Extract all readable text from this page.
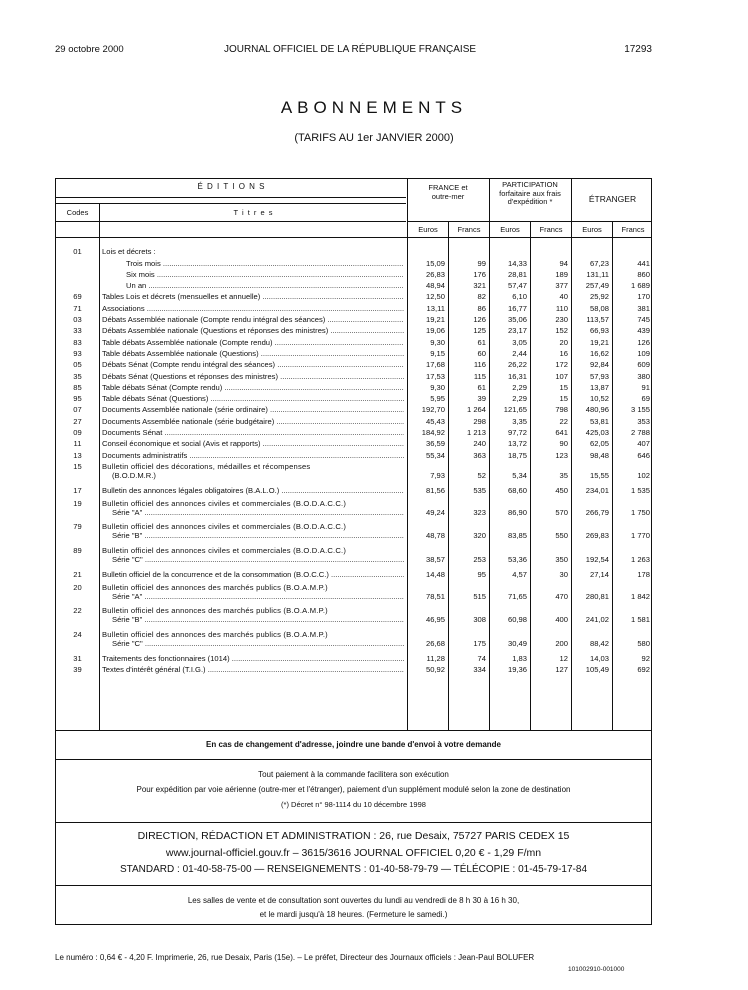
29 octobre 2000	JOURNAL OFFICIEL DE LA RÉPUBLIQUE FRANÇAISE	17293
ABONNEMENTS
(TARIFS AU 1er JANVIER 2000)
É D I T I O N S
Codes	T i t r e s
FRANCE et outre-mer
PARTICIPATION forfaitaire aux frais d'expédition *	ÉTRANGER
Euros	Francs	Euros	Francs	Euros	Francs
01	Lois et décrets :
Trois mois .....	15,09	99	14,33	94	67,23	441
Six mois .....	26,83	176	28,81	189	131,11	860
Un an .....	48,94	321	57,47	377	257,49	1 689
69	Tables Lois et décrets (mensuelles et annuelle) .....	12,50	82	6,10	40	25,92	170
71	Associations .....	13,11	86	16,77	110	58,08	381
03	Débats Assemblée nationale (Compte rendu intégral des séances) .....	19,21	126	35,06	230	113,57	745
33	Débats Assemblée nationale (Questions et réponses des ministres) .....	19,06	125	23,17	152	66,93	439
83	Table débats Assemblée nationale (Compte rendu) .....	9,30	61	3,05	20	19,21	126
93	Table débats Assemblée nationale (Questions) .....	9,15	60	2,44	16	16,62	109
05	Débats Sénat (Compte rendu intégral des séances) .....	17,68	116	26,22	172	92,84	609
35	Débats Sénat (Questions et réponses des ministres) .....	17,53	115	16,31	107	57,93	380
85	Table débats Sénat (Compte rendu) .....	9,30	61	2,29	15	13,87	91
95	Table débats Sénat (Questions) .....	5,95	39	2,29	15	10,52	69
07	Documents Assemblée nationale (série ordinaire) .....	192,70	1 264	121,65	798	480,96	3 155
27	Documents Assemblée nationale (série budgétaire) .....	45,43	298	3,35	22	53,81	353
09	Documents Sénat .....	184,92	1 213	97,72	641	425,03	2 788
11	Conseil économique et social (Avis et rapports) .....	36,59	240	13,72	90	62,05	407
13	Documents administratifs .....	55,34	363	18,75	123	98,48	646
15	Bulletin officiel des décorations, médailles et récompenses
(B.O.D.M.R.)	7,93	52	5,34	35	15,55	102
17	Bulletin des annonces légales obligatoires (B.A.L.O.) .....	81,56	535	68,60	450	234,01	1 535
19	Bulletin officiel des annonces civiles et commerciales (B.O.D.A.C.C.)
Série "A" .....	49,24	323	86,90	570	266,79	1 750
79	Bulletin officiel des annonces civiles et commerciales (B.O.D.A.C.C.)
Série "B" .....	48,78	320	83,85	550	269,83	1 770
89	Bulletin officiel des annonces civiles et commerciales (B.O.D.A.C.C.)
Série "C" .....	38,57	253	53,36	350	192,54	1 263
21	Bulletin officiel de la concurrence et de la consommation (B.O.C.C.) .....	14,48	95	4,57	30	27,14	178
20	Bulletin officiel des annonces des marchés publics (B.O.A.M.P.)
Série "A" .....	78,51	515	71,65	470	280,81	1 842
22	Bulletin officiel des annonces des marchés publics (B.O.A.M.P.)
Série "B" .....	46,95	308	60,98	400	241,02	1 581
24	Bulletin officiel des annonces des marchés publics (B.O.A.M.P.)
Série "C" .....	26,68	175	30,49	200	88,42	580
31	Traitements des fonctionnaires (1014) .....	11,28	74	1,83	12	14,03	92
39	Textes d'intérêt général (T.I.G.) .....	50,92	334	19,36	127	105,49	692
En cas de changement d'adresse, joindre une bande d'envoi à votre demande
Tout paiement à la commande facilitera son exécution
Pour expédition par voie aérienne (outre-mer et l'étranger), paiement d'un supplément modulé selon la zone de destination
(*) Décret n° 98-1114 du 10 décembre 1998
DIRECTION, RÉDACTION ET ADMINISTRATION : 26, rue Desaix, 75727 PARIS CEDEX 15
www.journal-officiel.gouv.fr – 3615/3616 JOURNAL OFFICIEL 0,20 € - 1,29 F/mn
STANDARD : 01-40-58-75-00 — RENSEIGNEMENTS : 01-40-58-79-79 — TÉLÉCOPIE : 01-45-79-17-84
Les salles de vente et de consultation sont ouvertes du lundi au vendredi de 8 h 30 à 16 h 30,
et le mardi jusqu'à 18 heures. (Fermeture le samedi.)
Le numéro : 0,64 € - 4,20 F. Imprimerie, 26, rue Desaix, Paris (15e). – Le préfet, Directeur des Journaux officiels : Jean-Paul BOLUFER
101002910-001000
